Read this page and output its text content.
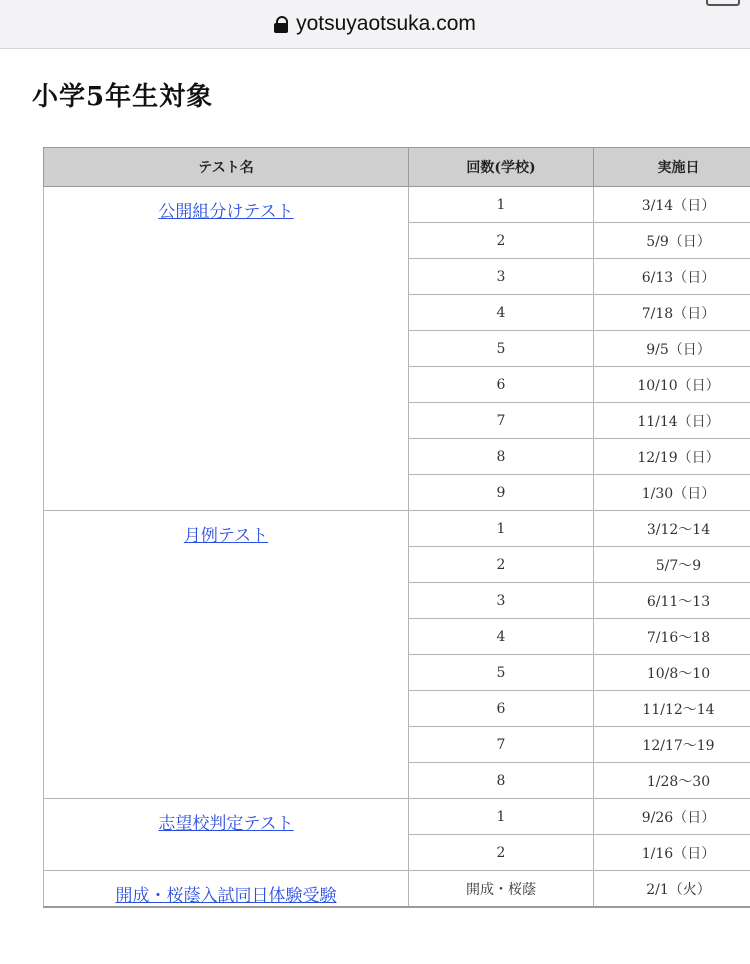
yotsuyaotsuka.com
小学5年生対象
テスト名	回数(学校)	実施日
公開組分けテスト	1	3/14（日）
	2	5/9（日）
	3	6/13（日）
	4	7/18（日）
	5	9/5（日）
	6	10/10（日）
	7	11/14（日）
	8	12/19（日）
	9	1/30（日）
月例テスト	1	3/12～14
	2	5/7～9
	3	6/11～13
	4	7/16～18
	5	10/8～10
	6	11/12～14
	7	12/17～19
	8	1/28～30
志望校判定テスト	1	9/26（日）
	2	1/16（日）
開成・桜蔭入試同日体験受験	開成・桜蔭	2/1（火）
